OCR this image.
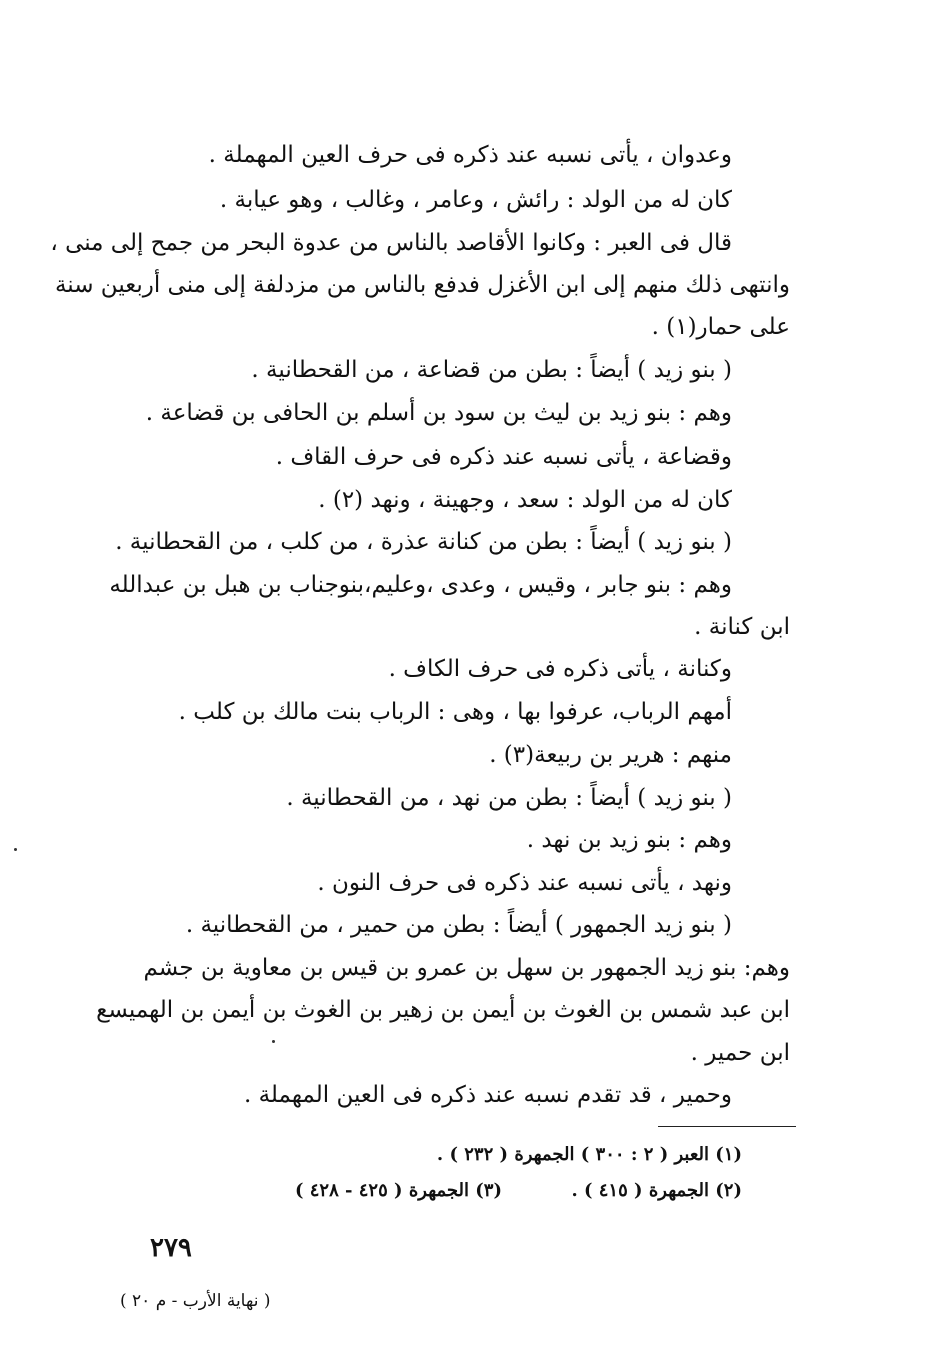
وعدوان ، يأتى نسبه عند ذكره فى حرف العين المهملة .
كان له من الولد : رائش ، وعامر ، وغالب ، وهو عيابة .
قال فى العبر : وكانوا الأقاصد بالناس من عدوة البحر من جمح إلى منى ،
وانتهى ذلك منهم إلى ابن الأغزل فدفع بالناس من مزدلفة إلى منى أربعين سنة
على حمار(١) .
( بنو زيد ) أيضاً : بطن من قضاعة ، من القحطانية .
وهم : بنو زيد بن ليث بن سود بن أسلم بن الحافى بن قضاعة .
وقضاعة ، يأتى نسبه عند ذكره فى حرف القاف .
كان له من الولد : سعد ، وجهينة ، ونهد (٢) .
( بنو زيد ) أيضاً : بطن من كنانة عذرة ، من كلب ، من القحطانية .
وهم : بنو جابر ، وقيس ، وعدى ،وعليم،بنوجناب بن هبل بن عبدالله
ابن كنانة .
وكنانة ، يأتى ذكره فى حرف الكاف .
أمهم الرباب، عرفوا بها ، وهى : الرباب بنت مالك بن كلب .
منهم : هرير بن ربيعة(٣) .
( بنو زيد ) أيضاً : بطن من نهد ، من القحطانية .
وهم : بنو زيد بن نهد .
ونهد ، يأتى نسبه عند ذكره فى حرف النون .
( بنو زيد الجمهور ) أيضاً : بطن من حمير ، من القحطانية .
وهم: بنو زيد الجمهور بن سهل بن عمرو بن قيس بن معاوية بن جشم
ابن عبد شمس بن الغوث بن أيمن بن زهير بن الغوث بن أيمن بن الهميسع
ابن حمير .
وحمير ، قد تقدم نسبه عند ذكره فى العين المهملة .
(١) العبر ( ٢ : ٣٠٠ ) الجمهرة ( ٢٣٢ ) .
(٢) الجمهرة ( ٤١٥ ) .
(٣) الجمهرة ( ٤٢٥ - ٤٢٨ )
٢٧٩
( نهاية الأرب - م ٢٠ )
